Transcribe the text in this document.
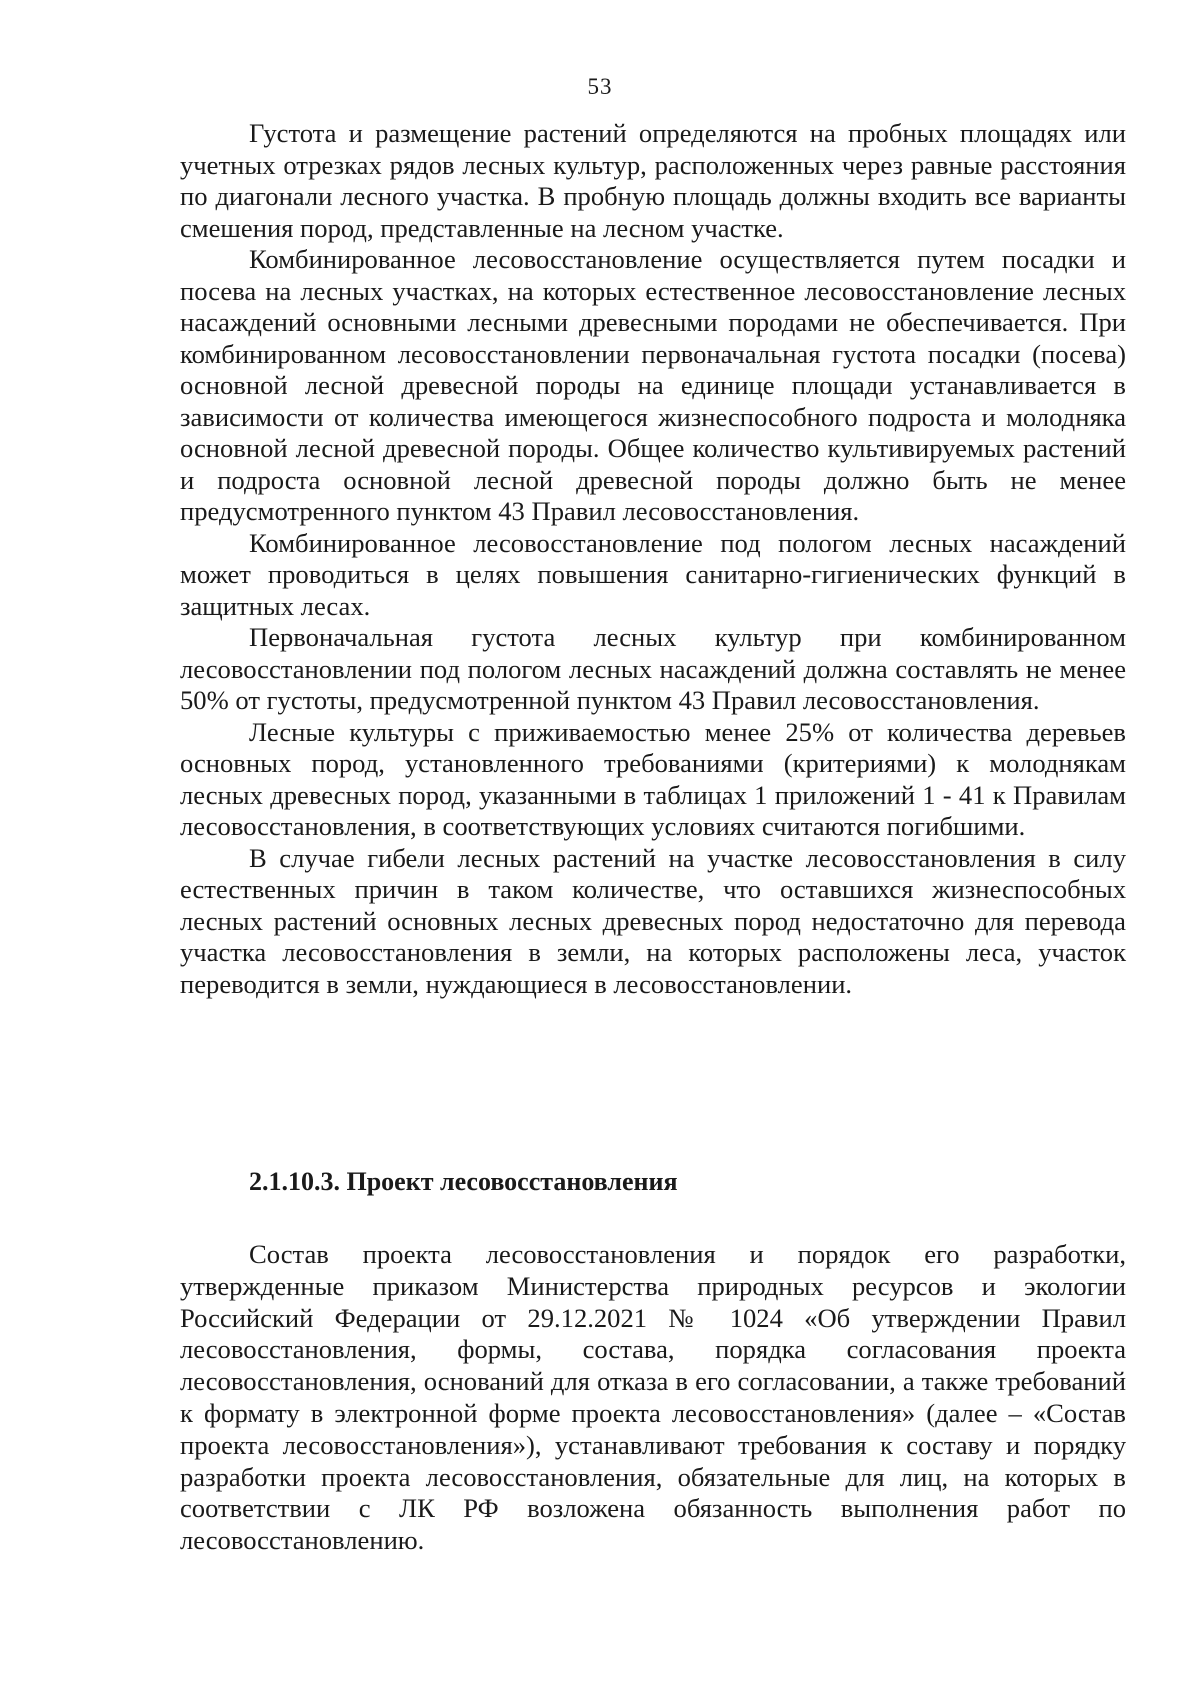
53

Густота и размещение растений определяются на пробных площадях или учетных отрезках рядов лесных культур, расположенных через равные расстояния по диагонали лесного участка. В пробную площадь должны входить все варианты смешения пород, представленные на лесном участке.

Комбинированное лесовосстановление осуществляется путем посадки и посева на лесных участках, на которых естественное лесовосстановление лесных насаждений основными лесными древесными породами не обеспечивается. При комбинированном лесовосстановлении первоначальная густота посадки (посева) основной лесной древесной породы на единице площади устанавливается в зависимости от количества имеющегося жизнеспособного подроста и молодняка основной лесной древесной породы. Общее количество культивируемых растений и подроста основной лесной древесной породы должно быть не менее предусмотренного пунктом 43 Правил лесовосстановления.

Комбинированное лесовосстановление под пологом лесных насаждений может проводиться в целях повышения санитарно-гигиенических функций в защитных лесах.

Первоначальная густота лесных культур при комбинированном лесовосстановлении под пологом лесных насаждений должна составлять не менее 50% от густоты, предусмотренной пунктом 43 Правил лесовосстановления.

Лесные культуры с приживаемостью менее 25% от количества деревьев основных пород, установленного требованиями (критериями) к молоднякам лесных древесных пород, указанными в таблицах 1 приложений 1 - 41 к Правилам лесовосстановления, в соответствующих условиях считаются погибшими.

В случае гибели лесных растений на участке лесовосстановления в силу естественных причин в таком количестве, что оставшихся жизнеспособных лесных растений основных лесных древесных пород недостаточно для перевода участка лесовосстановления в земли, на которых расположены леса, участок переводится в земли, нуждающиеся в лесовосстановлении.

2.1.10.3. Проект лесовосстановления

Состав проекта лесовосстановления и порядок его разработки, утвержденные приказом Министерства природных ресурсов и экологии Российский Федерации от 29.12.2021 № 1024 «Об утверждении Правил лесовосстановления, формы, состава, порядка согласования проекта лесовосстановления, оснований для отказа в его согласовании, а также требований к формату в электронной форме проекта лесовосстановления» (далее – «Состав проекта лесовосстановления»), устанавливают требования к составу и порядку разработки проекта лесовосстановления, обязательные для лиц, на которых в соответствии с ЛК РФ возложена обязанность выполнения работ по лесовосстановлению.
